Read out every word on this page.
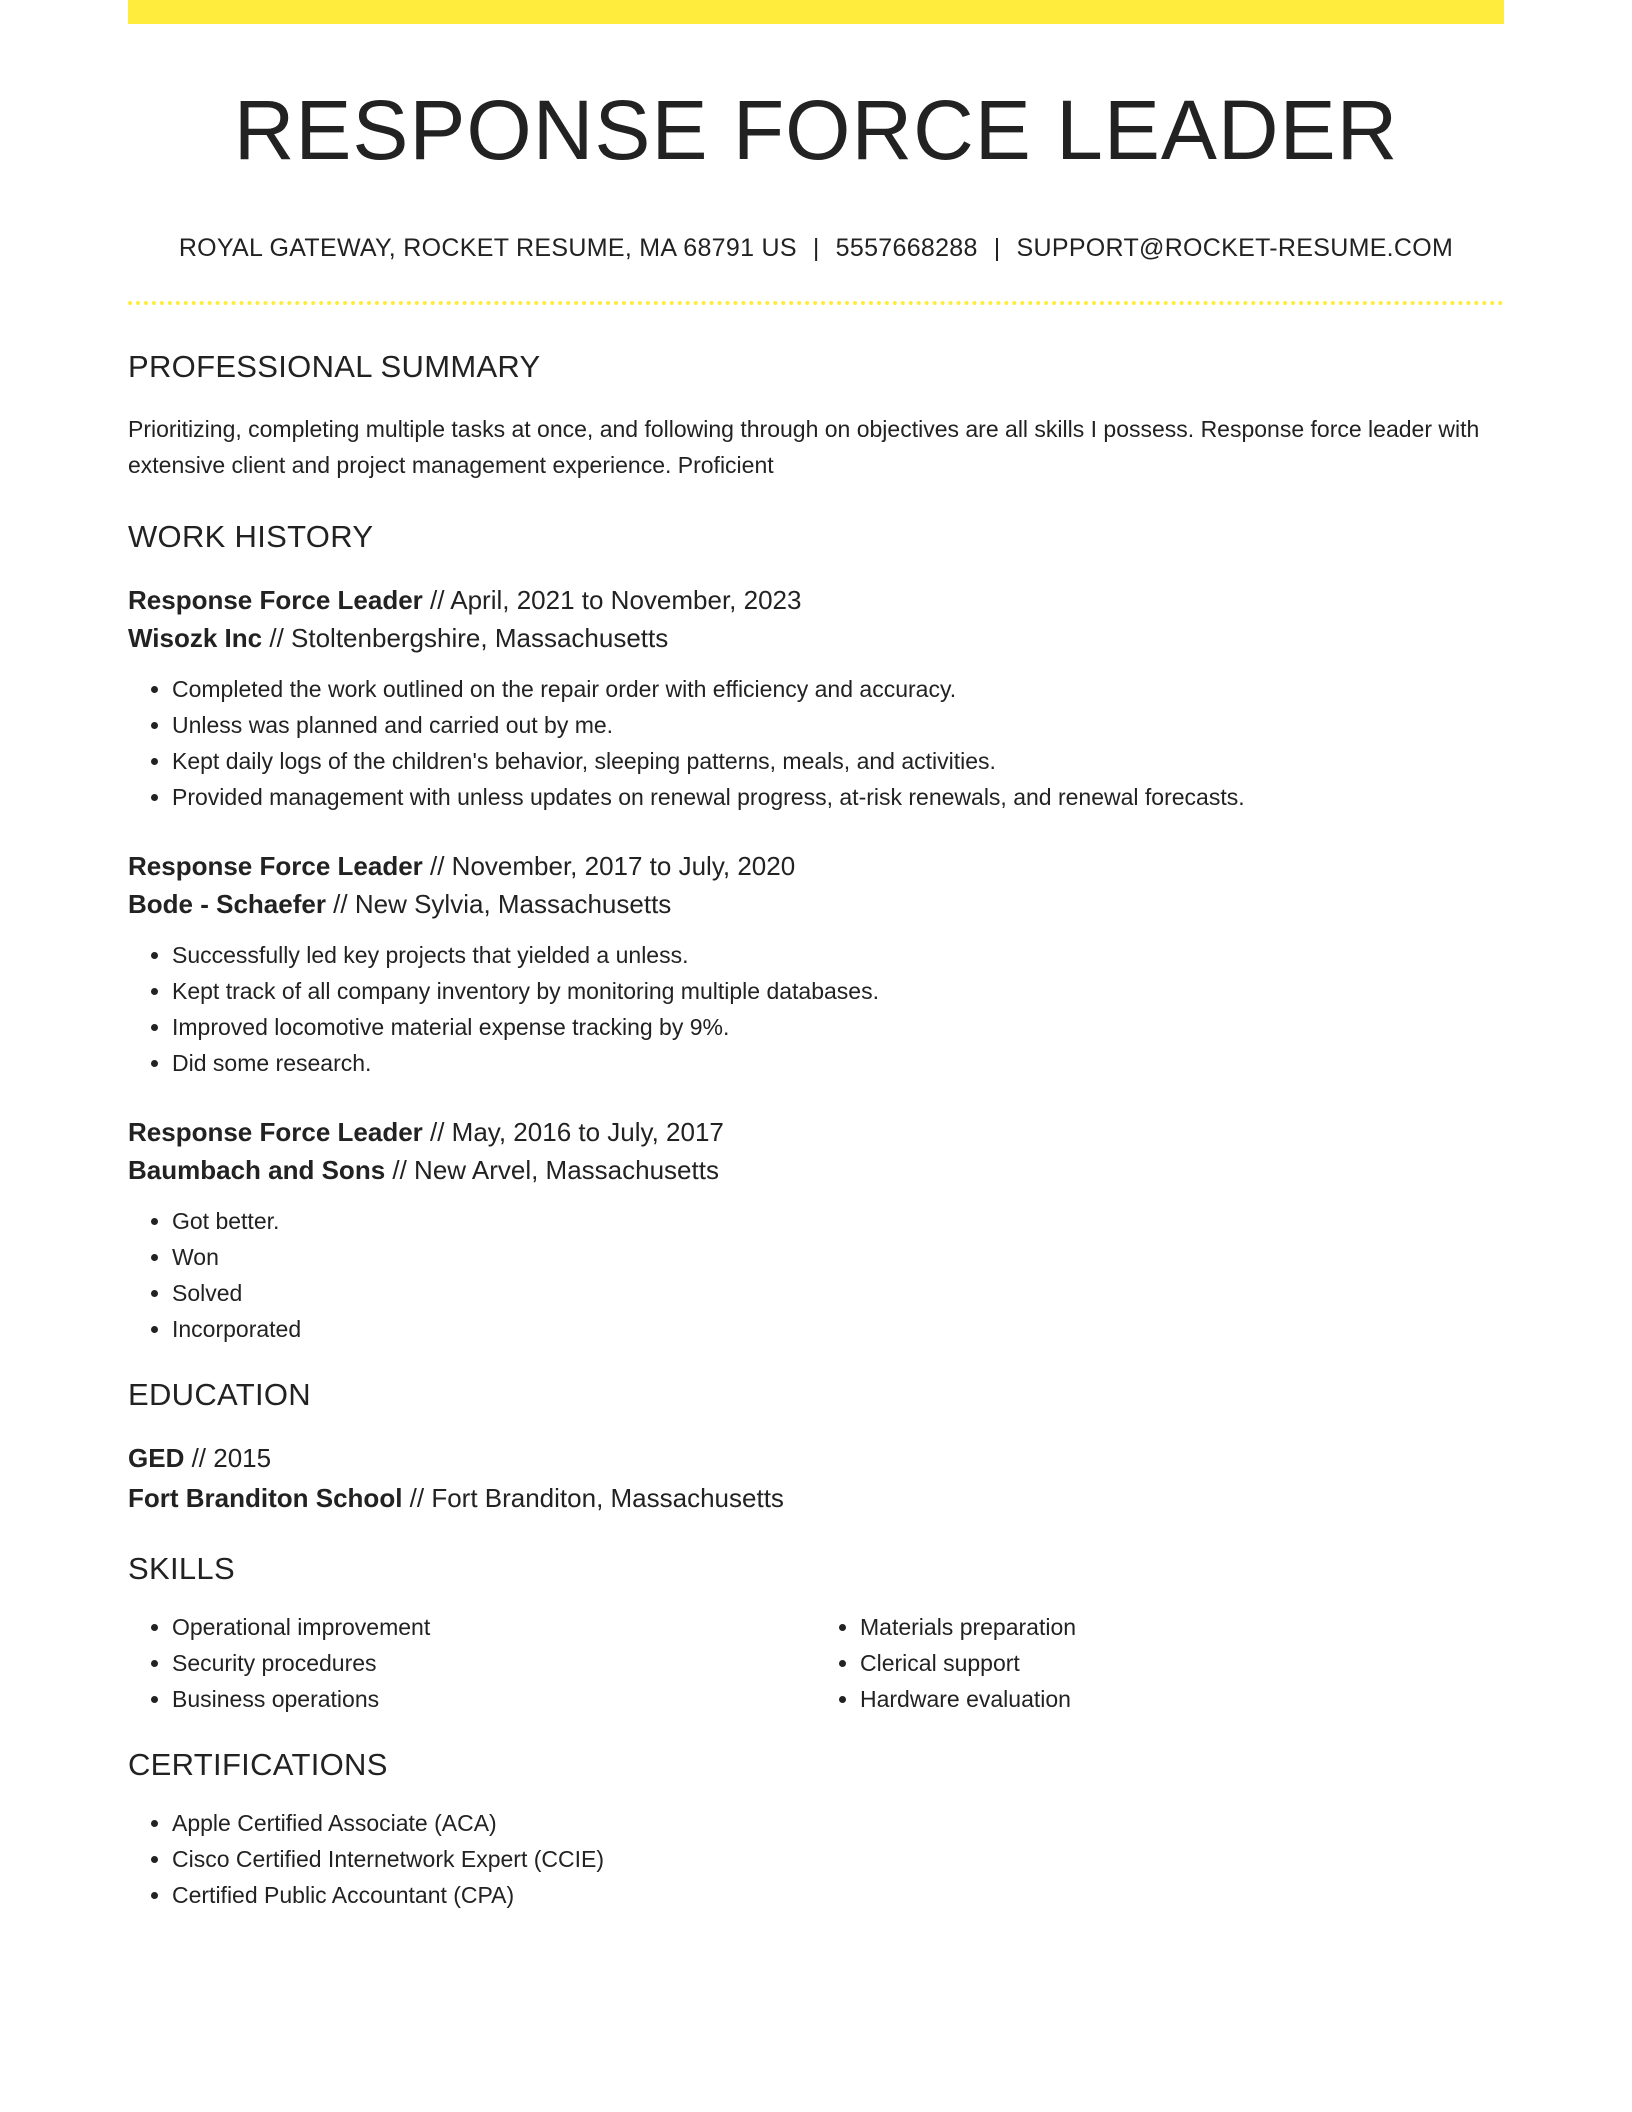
RESPONSE FORCE LEADER
ROYAL GATEWAY, ROCKET RESUME, MA 68791 US | 5557668288 | SUPPORT@ROCKET-RESUME.COM
PROFESSIONAL SUMMARY
Prioritizing, completing multiple tasks at once, and following through on objectives are all skills I possess. Response force leader with extensive client and project management experience. Proficient
WORK HISTORY
Response Force Leader // April, 2021 to November, 2023
Wisozk Inc // Stoltenbergshire, Massachusetts
• Completed the work outlined on the repair order with efficiency and accuracy.
• Unless was planned and carried out by me.
• Kept daily logs of the children's behavior, sleeping patterns, meals, and activities.
• Provided management with unless updates on renewal progress, at-risk renewals, and renewal forecasts.
Response Force Leader // November, 2017 to July, 2020
Bode - Schaefer // New Sylvia, Massachusetts
• Successfully led key projects that yielded a unless.
• Kept track of all company inventory by monitoring multiple databases.
• Improved locomotive material expense tracking by 9%.
• Did some research.
Response Force Leader // May, 2016 to July, 2017
Baumbach and Sons // New Arvel, Massachusetts
• Got better.
• Won
• Solved
• Incorporated
EDUCATION
GED // 2015
Fort Branditon School // Fort Branditon, Massachusetts
SKILLS
• Operational improvement
• Security procedures
• Business operations
• Materials preparation
• Clerical support
• Hardware evaluation
CERTIFICATIONS
• Apple Certified Associate (ACA)
• Cisco Certified Internetwork Expert (CCIE)
• Certified Public Accountant (CPA)
